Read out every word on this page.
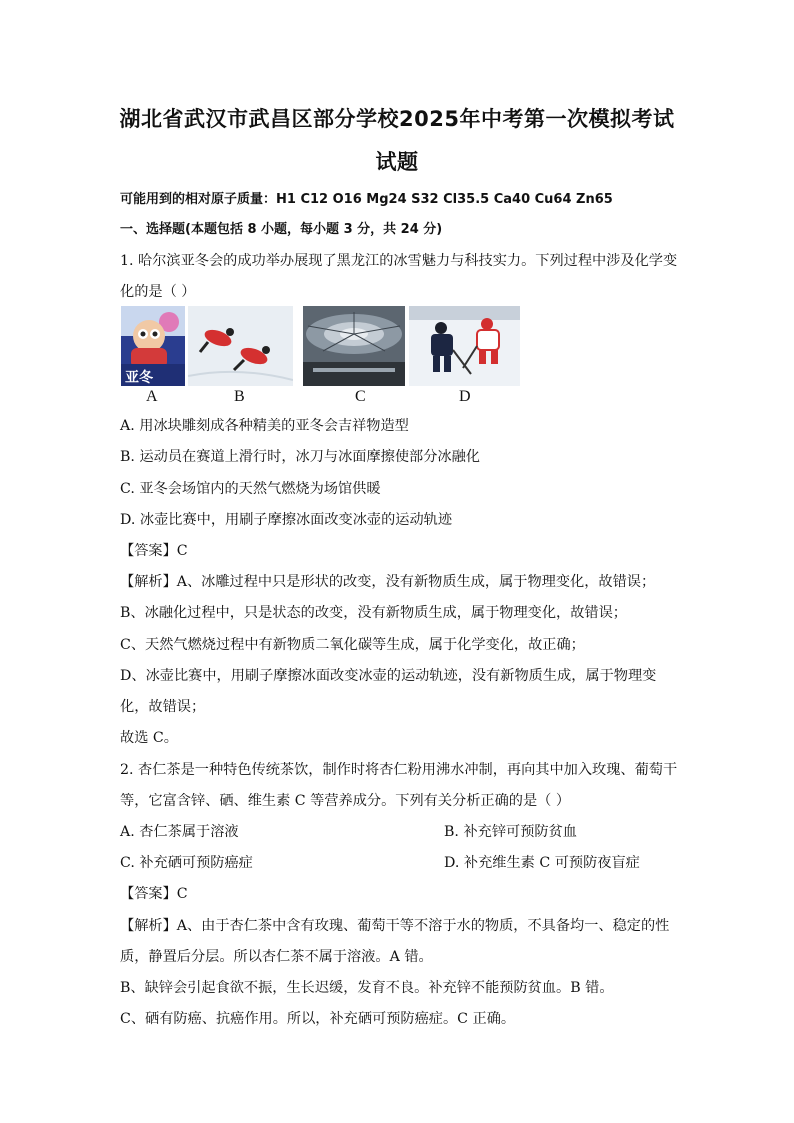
湖北省武汉市武昌区部分学校2025年中考第一次模拟考试
试题
可能用到的相对原子质量：H1 C12 O16 Mg24 S32 Cl35.5 Ca40 Cu64 Zn65
一、选择题(本题包括 8 小题，每小题 3 分，共 24 分)
1. 哈尔滨亚冬会的成功举办展现了黑龙江的冰雪魅力与科技实力。下列过程中涉及化学变
化的是（ ）
亚冬
A	B	C	D
A. 用冰块雕刻成各种精美的亚冬会吉祥物造型
B. 运动员在赛道上滑行时，冰刀与冰面摩擦使部分冰融化
C. 亚冬会场馆内的天然气燃烧为场馆供暖
D. 冰壶比赛中，用刷子摩擦冰面改变冰壶的运动轨迹
【答案】C
【解析】A、冰雕过程中只是形状的改变，没有新物质生成，属于物理变化，故错误；
B、冰融化过程中，只是状态的改变，没有新物质生成，属于物理变化，故错误；
C、天然气燃烧过程中有新物质二氧化碳等生成，属于化学变化，故正确；
D、冰壶比赛中，用刷子摩擦冰面改变冰壶的运动轨迹，没有新物质生成，属于物理变
化，故错误；
故选 C。
2. 杏仁茶是一种特色传统茶饮，制作时将杏仁粉用沸水冲制，再向其中加入玫瑰、葡萄干
等，它富含锌、硒、维生素 C 等营养成分。下列有关分析正确的是（ ）
A. 杏仁茶属于溶液	B. 补充锌可预防贫血
C. 补充硒可预防癌症	D. 补充维生素 C 可预防夜盲症
【答案】C
【解析】A、由于杏仁茶中含有玫瑰、葡萄干等不溶于水的物质，不具备均一、稳定的性
质，静置后分层。所以杏仁茶不属于溶液。A 错。
B、缺锌会引起食欲不振，生长迟缓，发育不良。补充锌不能预防贫血。B 错。
C、硒有防癌、抗癌作用。所以，补充硒可预防癌症。C 正确。
